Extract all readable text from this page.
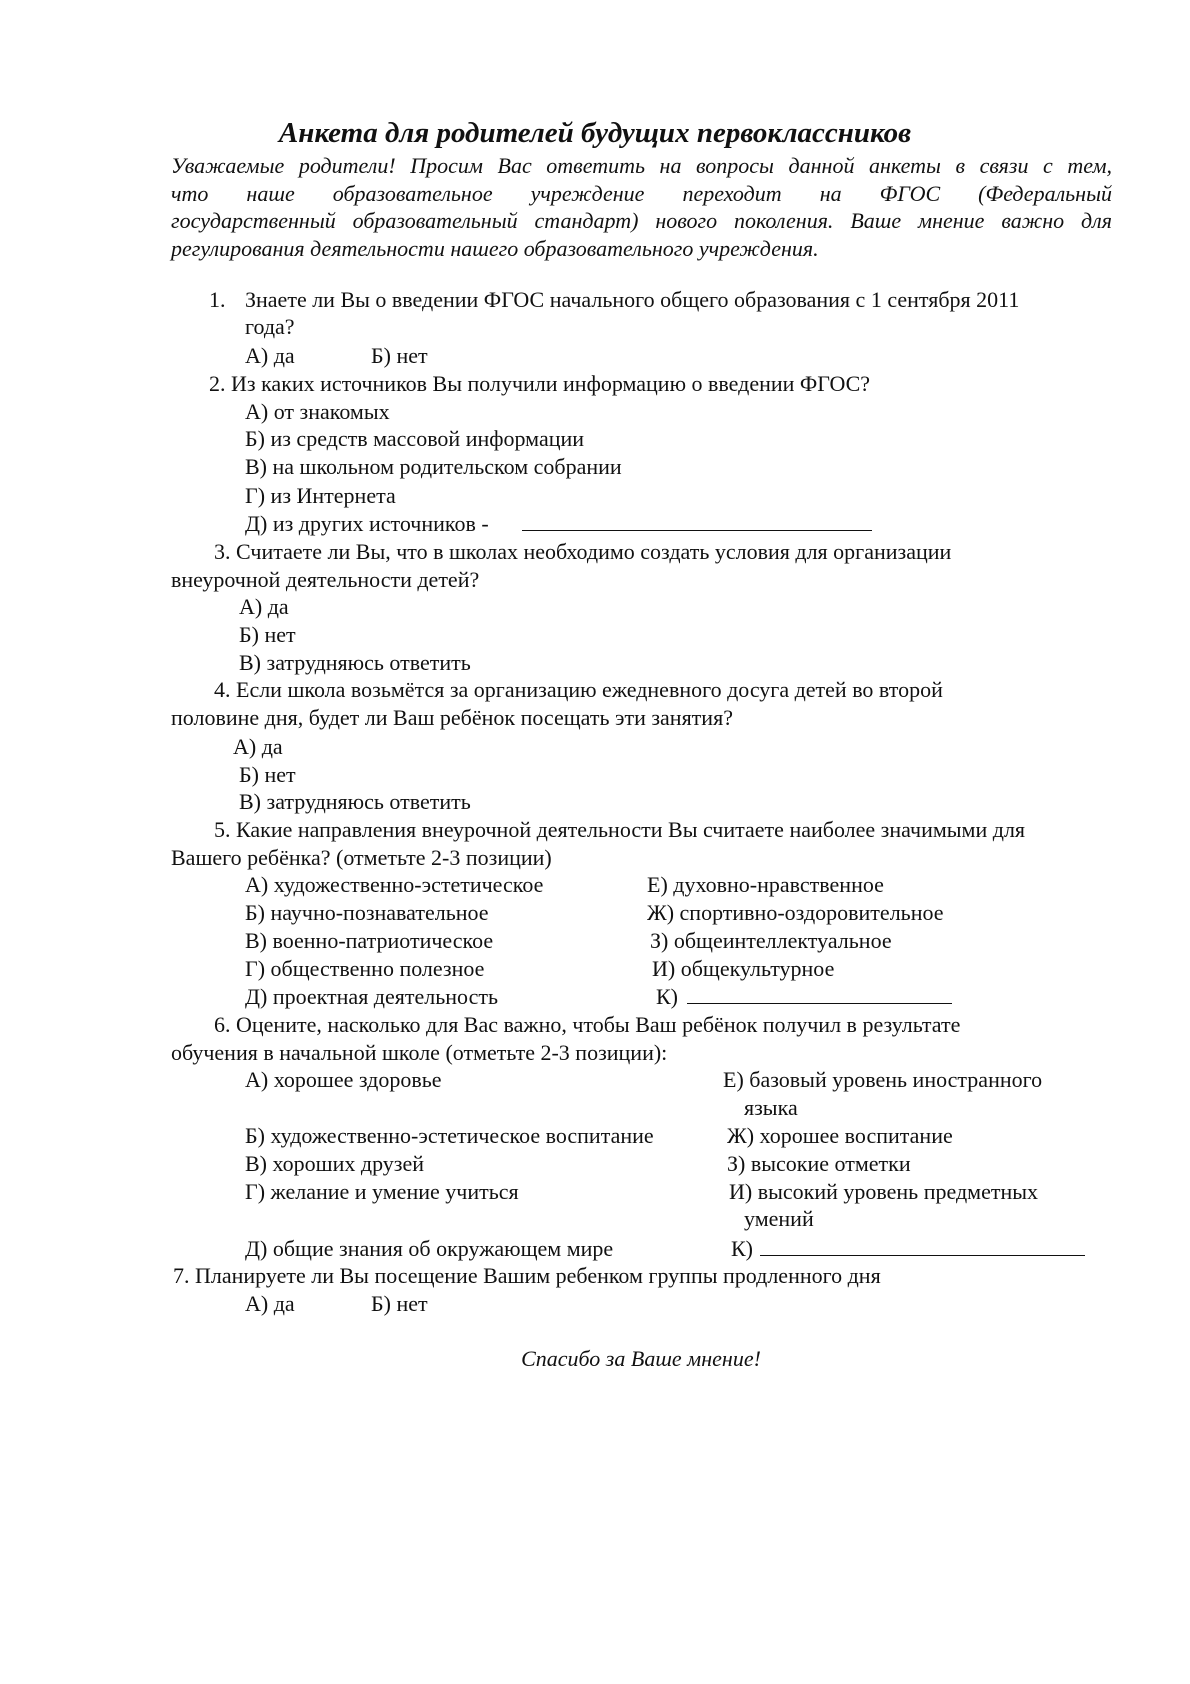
Анкета для родителей будущих первоклассников
Уважаемые родители! Просим Вас ответить на вопросы данной анкеты в связи с тем,
что наше образовательное учреждение переходит на ФГОС (Федеральный
государственный образовательный стандарт) нового поколения. Ваше мнение важно для
регулирования деятельности нашего образовательного учреждения.
1. Знаете ли Вы о введении ФГОС начального общего образования с 1 сентября 2011
года?
А) да	Б) нет
2. Из каких источников Вы получили информацию о введении ФГОС?
А) от знакомых
Б) из средств массовой информации
В) на школьном родительском собрании
Г) из Интернета
Д) из других источников -
3. Считаете ли Вы, что в школах необходимо создать условия для организации
внеурочной деятельности детей?
А) да
Б) нет
В) затрудняюсь ответить
4. Если школа возьмётся за организацию ежедневного досуга детей во второй
половине дня, будет ли Ваш ребёнок посещать эти занятия?
А) да
Б) нет
В) затрудняюсь ответить
5. Какие направления внеурочной деятельности Вы считаете наиболее значимыми для
Вашего ребёнка? (отметьте 2-3 позиции)
А) художественно-эстетическое
Б) научно-познавательное
В) военно-патриотическое
Г) общественно полезное
Д) проектная деятельность
Е) духовно-нравственное
Ж) спортивно-оздоровительное
З) общеинтеллектуальное
И) общекультурное
К)
6. Оцените, насколько для Вас важно, чтобы Ваш ребёнок получил в результате
обучения в начальной школе (отметьте 2-3 позиции):
А) хорошее здоровье
Б) художественно-эстетическое воспитание
В) хороших друзей
Г) желание и умение учиться
Д) общие знания об окружающем мире
Е) базовый уровень иностранного
языка
Ж) хорошее воспитание
З) высокие отметки
И) высокий уровень предметных
умений
К)
7. Планируете ли Вы посещение Вашим ребенком группы продленного дня
А) да	Б) нет
Спасибо за Ваше мнение!
